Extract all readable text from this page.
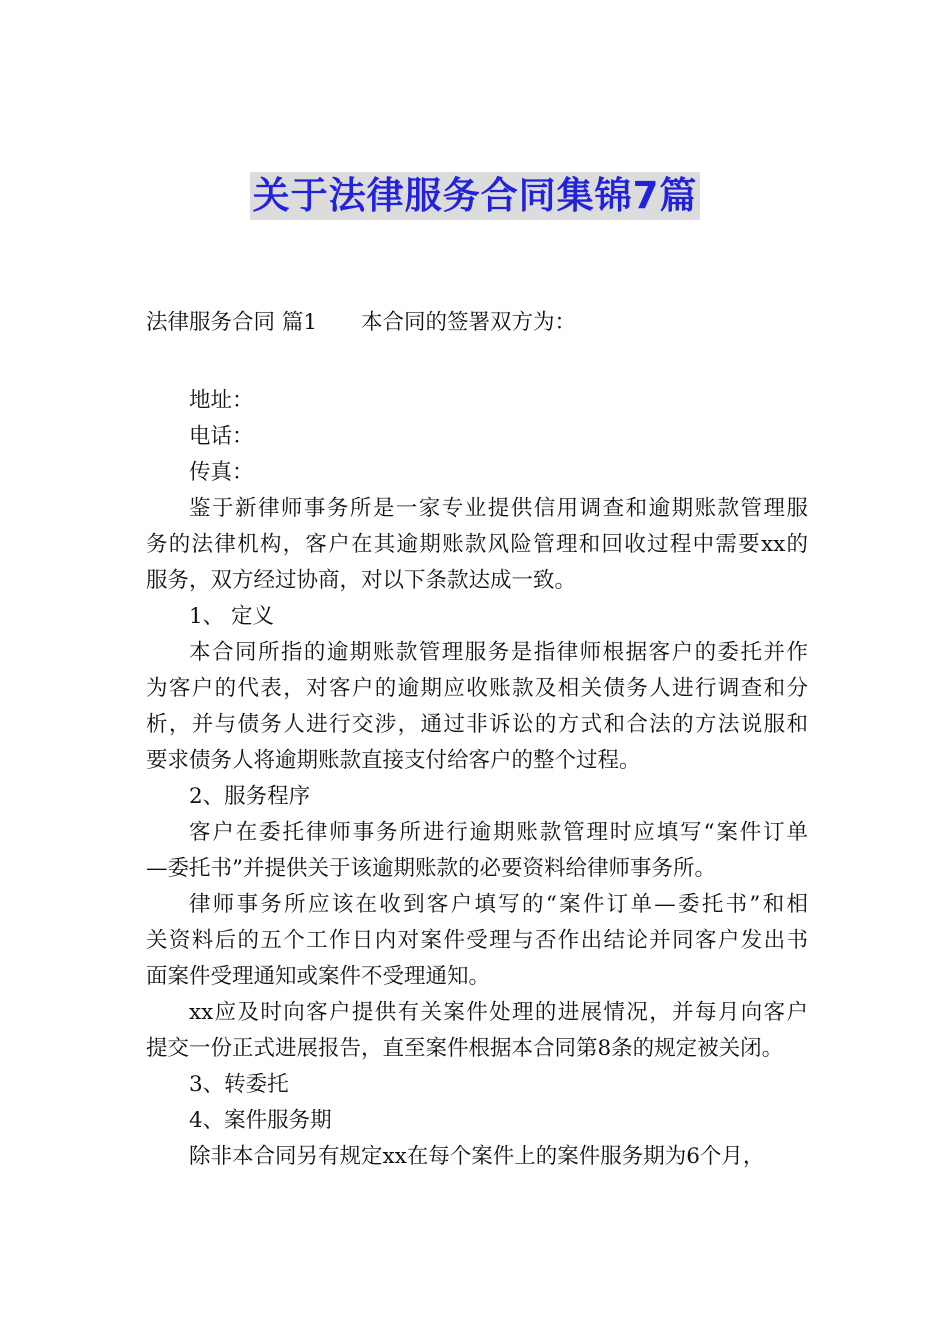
关于法律服务合同集锦7篇
法律服务合同 篇1 本合同的签署双方为：
地址：
电话：
传真：
鉴于新律师事务所是一家专业提供信用调查和逾期账款管理服
务的法律机构，客户在其逾期账款风险管理和回收过程中需要xx的
服务，双方经过协商，对以下条款达成一致。
1、 定义
本合同所指的逾期账款管理服务是指律师根据客户的委托并作
为客户的代表，对客户的逾期应收账款及相关债务人进行调查和分
析，并与债务人进行交涉，通过非诉讼的方式和合法的方法说服和
要求债务人将逾期账款直接支付给客户的整个过程。
2、服务程序
客户在委托律师事务所进行逾期账款管理时应填写“案件订单
—委托书”并提供关于该逾期账款的必要资料给律师事务所。
律师事务所应该在收到客户填写的“案件订单—委托书”和相
关资料后的五个工作日内对案件受理与否作出结论并同客户发出书
面案件受理通知或案件不受理通知。
xx应及时向客户提供有关案件处理的进展情况，并每月向客户
提交一份正式进展报告，直至案件根据本合同第8条的规定被关闭。
3、转委托
4、案件服务期
除非本合同另有规定xx在每个案件上的案件服务期为6个月，
